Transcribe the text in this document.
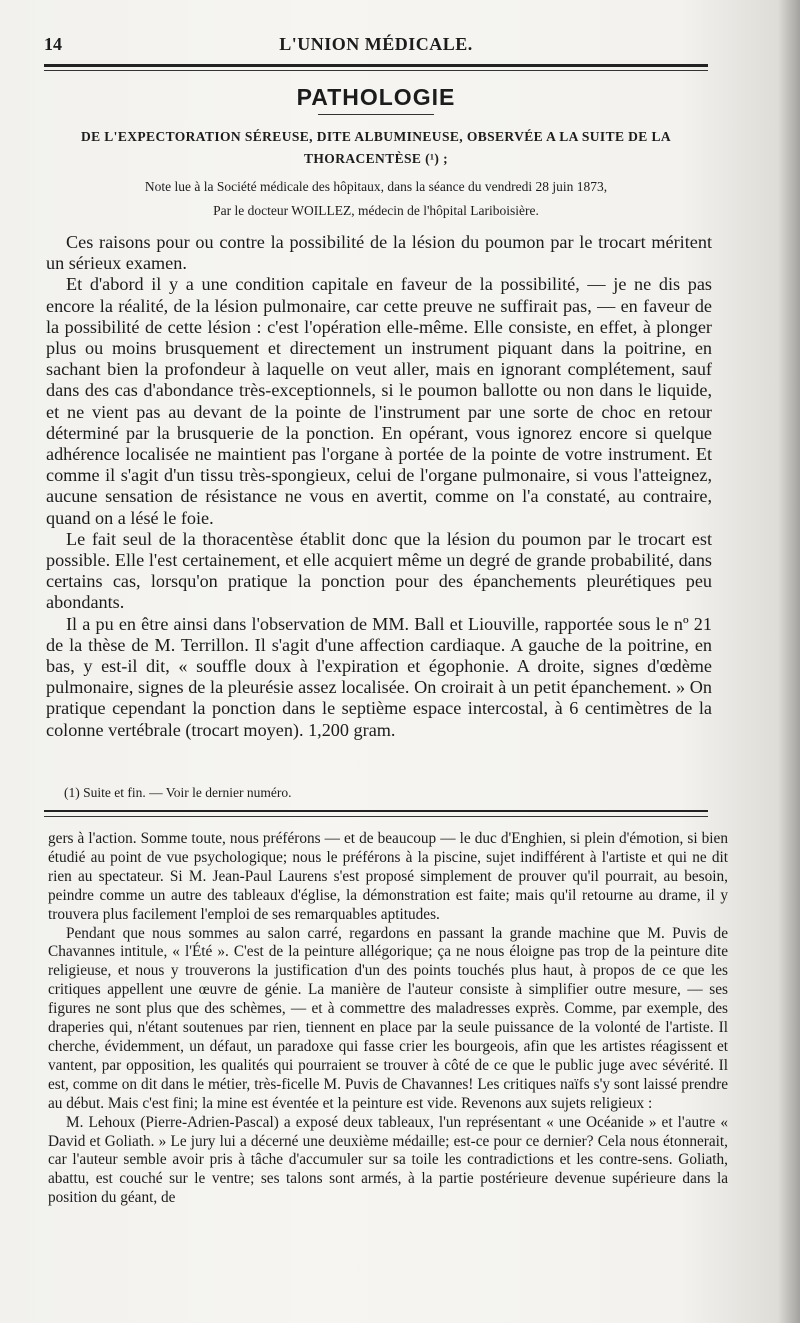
14	L'UNION MÉDICALE.
PATHOLOGIE
DE L'EXPECTORATION SÉREUSE, DITE ALBUMINEUSE, OBSERVÉE A LA SUITE DE LA
THORACENTÈSE (¹) ;
Note lue à la Société médicale des hôpitaux, dans la séance du vendredi 28 juin 1873,
Par le docteur WOILLEZ, médecin de l'hôpital Lariboisière.

Ces raisons pour ou contre la possibilité de la lésion du poumon par le trocart méritent un sérieux examen.

Et d'abord il y a une condition capitale en faveur de la possibilité, — je ne dis pas encore la réalité, de la lésion pulmonaire, car cette preuve ne suffirait pas, — en faveur de la possibilité de cette lésion : c'est l'opération elle-même. Elle consiste, en effet, à plonger plus ou moins brusquement et directement un instrument piquant dans la poitrine, en sachant bien la profondeur à laquelle on veut aller, mais en ignorant complétement, sauf dans des cas d'abondance très-exceptionnels, si le poumon ballotte ou non dans le liquide, et ne vient pas au devant de la pointe de l'instrument par une sorte de choc en retour déterminé par la brusquerie de la ponction. En opérant, vous ignorez encore si quelque adhérence localisée ne maintient pas l'organe à portée de la pointe de votre instrument. Et comme il s'agit d'un tissu très-spongieux, celui de l'organe pulmonaire, si vous l'atteignez, aucune sensation de résistance ne vous en avertit, comme on l'a constaté, au contraire, quand on a lésé le foie.

Le fait seul de la thoracentèse établit donc que la lésion du poumon par le trocart est possible. Elle l'est certainement, et elle acquiert même un degré de grande probabilité, dans certains cas, lorsqu'on pratique la ponction pour des épanchements pleurétiques peu abondants.

Il a pu en être ainsi dans l'observation de MM. Ball et Liouville, rapportée sous le nº 21 de la thèse de M. Terrillon. Il s'agit d'une affection cardiaque. A gauche de la poitrine, en bas, y est-il dit, « souffle doux à l'expiration et égophonie. A droite, signes d'œdème pulmonaire, signes de la pleurésie assez localisée. On croirait à un petit épanchement. » On pratique cependant la ponction dans le septième espace intercostal, à 6 centimètres de la colonne vertébrale (trocart moyen). 1,200 gram.

(1) Suite et fin. — Voir le dernier numéro.

gers à l'action. Somme toute, nous préférons — et de beaucoup — le duc d'Enghien, si plein d'émotion, si bien étudié au point de vue psychologique; nous le préférons à la piscine, sujet indifférent à l'artiste et qui ne dit rien au spectateur. Si M. Jean-Paul Laurens s'est proposé simplement de prouver qu'il pourrait, au besoin, peindre comme un autre des tableaux d'église, la démonstration est faite; mais qu'il retourne au drame, il y trouvera plus facilement l'emploi de ses remarquables aptitudes.

Pendant que nous sommes au salon carré, regardons en passant la grande machine que M. Puvis de Chavannes intitule, « l'Été ». C'est de la peinture allégorique; ça ne nous éloigne pas trop de la peinture dite religieuse, et nous y trouverons la justification d'un des points touchés plus haut, à propos de ce que les critiques appellent une œuvre de génie. La manière de l'auteur consiste à simplifier outre mesure, — ses figures ne sont plus que des schèmes, — et à commettre des maladresses exprès. Comme, par exemple, des draperies qui, n'étant soutenues par rien, tiennent en place par la seule puissance de la volonté de l'artiste. Il cherche, évidemment, un défaut, un paradoxe qui fasse crier les bourgeois, afin que les artistes réagissent et vantent, par opposition, les qualités qui pourraient se trouver à côté de ce que le public juge avec sévérité. Il est, comme on dit dans le métier, très-ficelle M. Puvis de Chavannes! Les critiques naïfs s'y sont laissé prendre au début. Mais c'est fini; la mine est éventée et la peinture est vide. Revenons aux sujets religieux :

M. Lehoux (Pierre-Adrien-Pascal) a exposé deux tableaux, l'un représentant « une Océanide » et l'autre « David et Goliath. » Le jury lui a décerné une deuxième médaille; est-ce pour ce dernier? Cela nous étonnerait, car l'auteur semble avoir pris à tâche d'accumuler sur sa toile les contradictions et les contre-sens. Goliath, abattu, est couché sur le ventre; ses talons sont armés, à la partie postérieure devenue supérieure dans la position du géant, de
